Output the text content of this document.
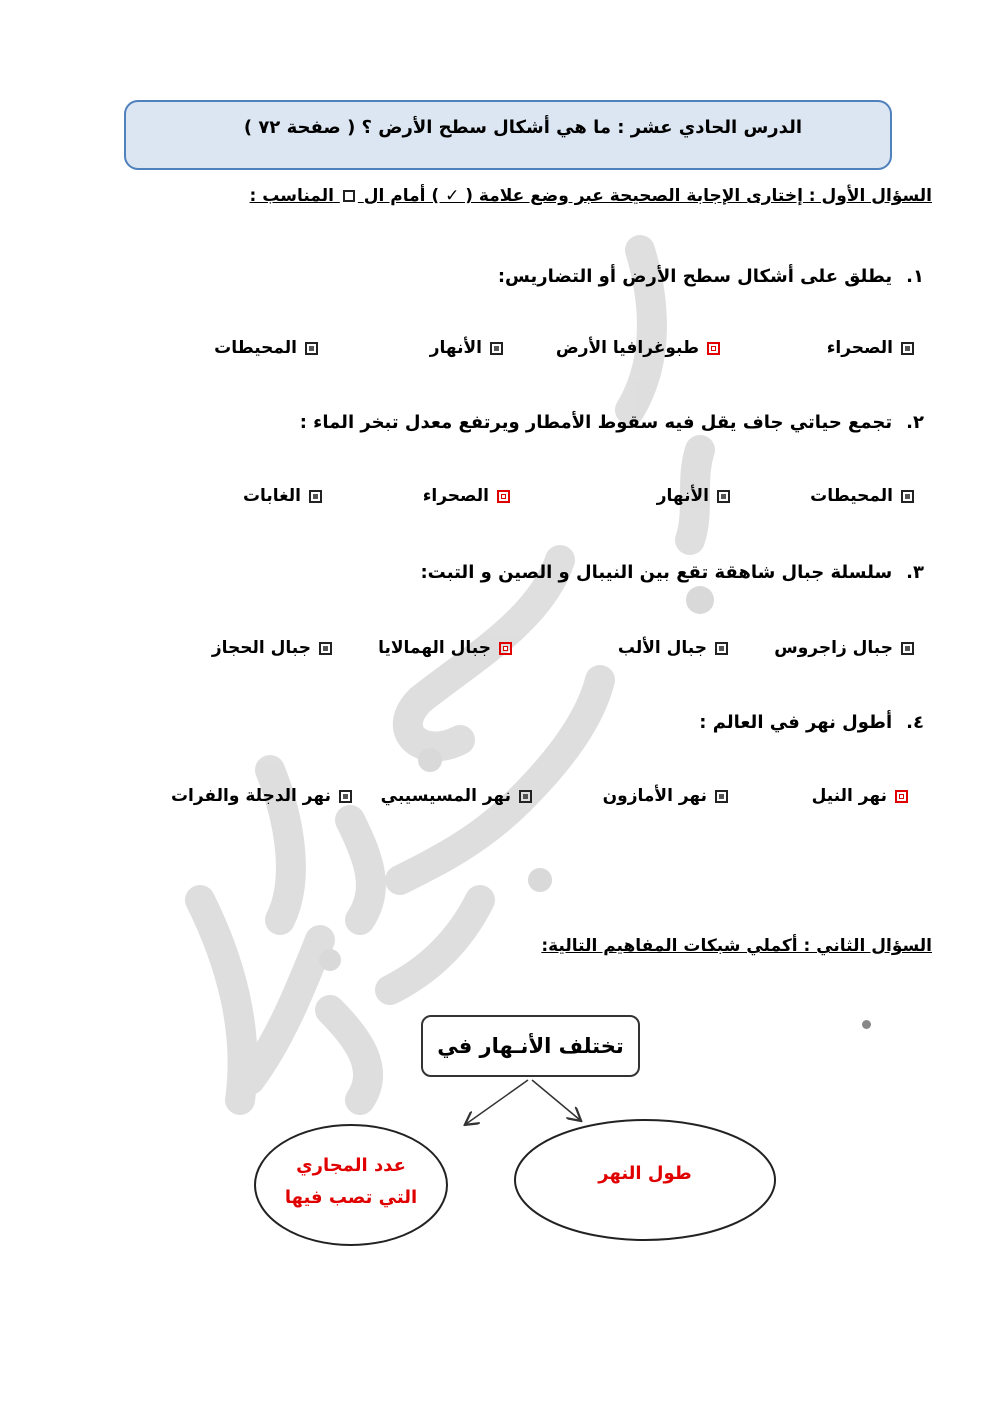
الدرس الحادي عشر : ما هي أشكال سطح الأرض ؟ ( صفحة ٧٢ )
السؤال الأول : إختارى الإجابة الصحيحة عبر وضع علامة ( ✓ ) أمام ال  المناسب :
١.يطلق على أشكال سطح الأرض أو التضاريس:
الصحراء
طبوغرافيا الأرض
الأنهار
المحيطات
٢.تجمع حياتي جاف يقل فيه سقوط الأمطار ويرتفع معدل تبخر الماء :
المحيطات
الأنهار
الصحراء
الغابات
٣.سلسلة جبال شاهقة تقع بين النيبال و الصين و التبت:
جبال زاجروس
جبال الألب
جبال الهمالايا
جبال الحجاز
٤.أطول نهر في العالم :
نهر النيل
نهر الأمازون
نهر المسيسيبي
نهر الدجلة والفرات
السؤال الثاني : أكملي شبكات المفاهيم التالية:
تختلف الأنـهار في
عدد المجاري
التي تصب فيها
طول النهر
